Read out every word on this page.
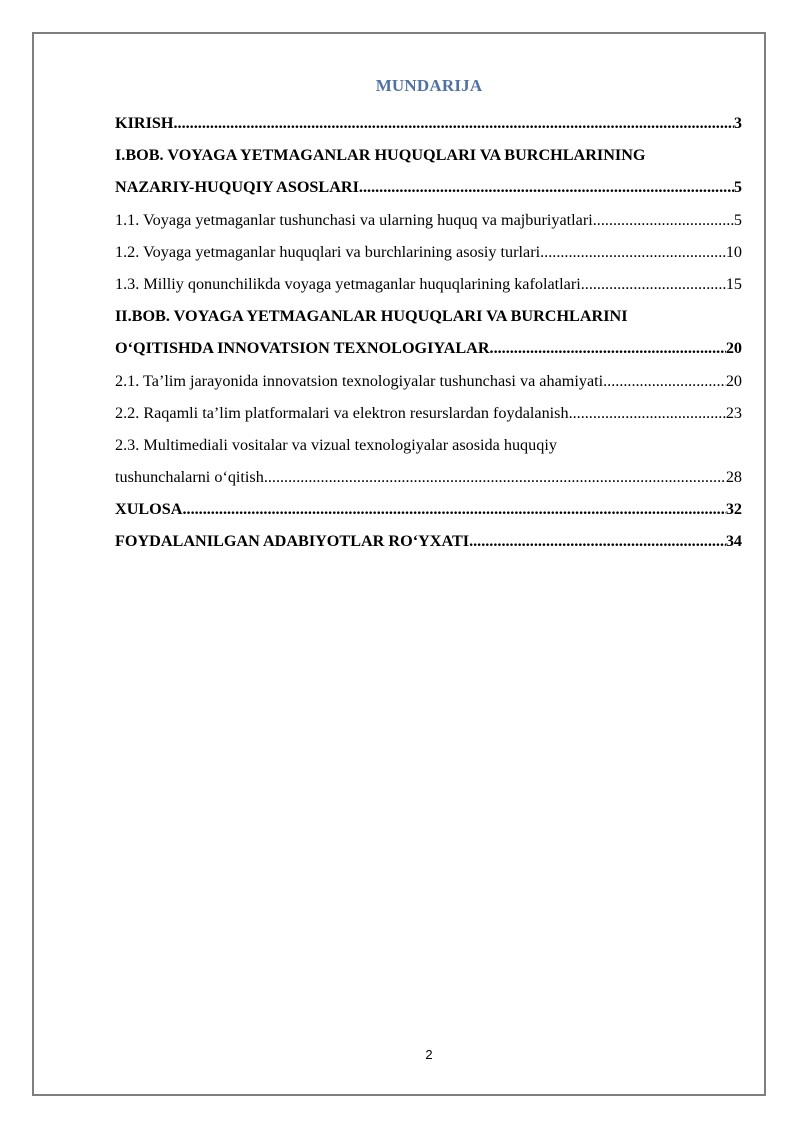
MUNDARIJA
KIRISH .....	3
I.BOB. VOYAGA YETMAGANLAR HUQUQLARI VA BURCHLARINING
NAZARIY-HUQUQIY ASOSLARI .....	5
1.1. Voyaga yetmaganlar tushunchasi va ularning huquq va majburiyatlari .....	5
1.2. Voyaga yetmaganlar huquqlari va burchlarining asosiy turlari .....	10
1.3. Milliy qonunchilikda voyaga yetmaganlar huquqlarining kafolatlari .....	15
II.BOB. VOYAGA YETMAGANLAR HUQUQLARI VA BURCHLARINI
O‘QITISHDA INNOVATSION TEXNOLOGIYALAR .....	20
2.1. Ta’lim jarayonida innovatsion texnologiyalar tushunchasi va ahamiyati .....	20
2.2. Raqamli ta’lim platformalari va elektron resurslardan foydalanish .....	23
2.3. Multimediali vositalar va vizual texnologiyalar asosida huquqiy
tushunchalarni o‘qitish .....	28
XULOSA .....	32
FOYDALANILGAN ADABIYOTLAR RO‘YXATI .....	34
2
